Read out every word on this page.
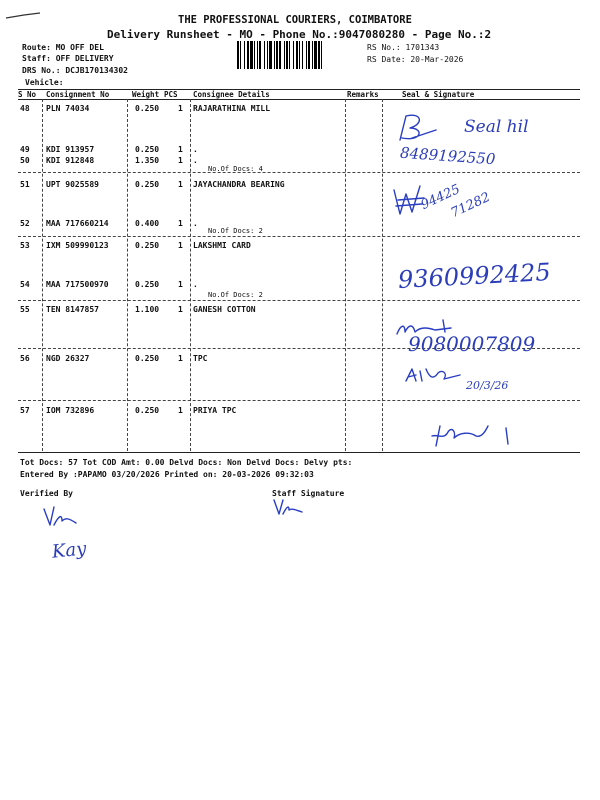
THE PROFESSIONAL COURIERS, COIMBATORE
Delivery Runsheet - MO - Phone No.:9047080280 - Page No.:2
Route: MO OFF DEL
Staff: OFF DELIVERY
DRS No.: DCJB170134302
Vehicle:
RS No.: 1701343
RS Date: 20-Mar-2026
S No Consignment No	Weight PCS Consignee Details	Remarks	Seal & Signature
48 PLN 74034	0.250 1 RAJARATHINA MILL
49 KDI 913957	0.250 1 .
50 KDI 912848	1.350 1 .
51 UPT 9025589	0.250 1 JAYACHANDRA BEARING
52 MAA 717660214	0.400 1 .
53 IXM 509990123	0.250 1 LAKSHMI CARD
54 MAA 717500970	0.250 1 .
55 TEN 8147857	1.100 1 GANESH COTTON
56 NGD 26327	0.250 1 TPC
57 IOM 732896	0.250 1 PRIYA TPC
No.Of Docs: 4
No.Of Docs: 2
No.Of Docs: 2
Tot Docs: 57 Tot COD Amt: 0.00 Delvd Docs: Non Delvd Docs: Delvy pts:
Entered By :PAPAMO 03/20/2026 Printed on: 20-03-2026 09:32:03
Verified By	Staff Signature
Seal hil
8489192550
94425
71282
9360992425
9080007809
20/3/26
Kay
